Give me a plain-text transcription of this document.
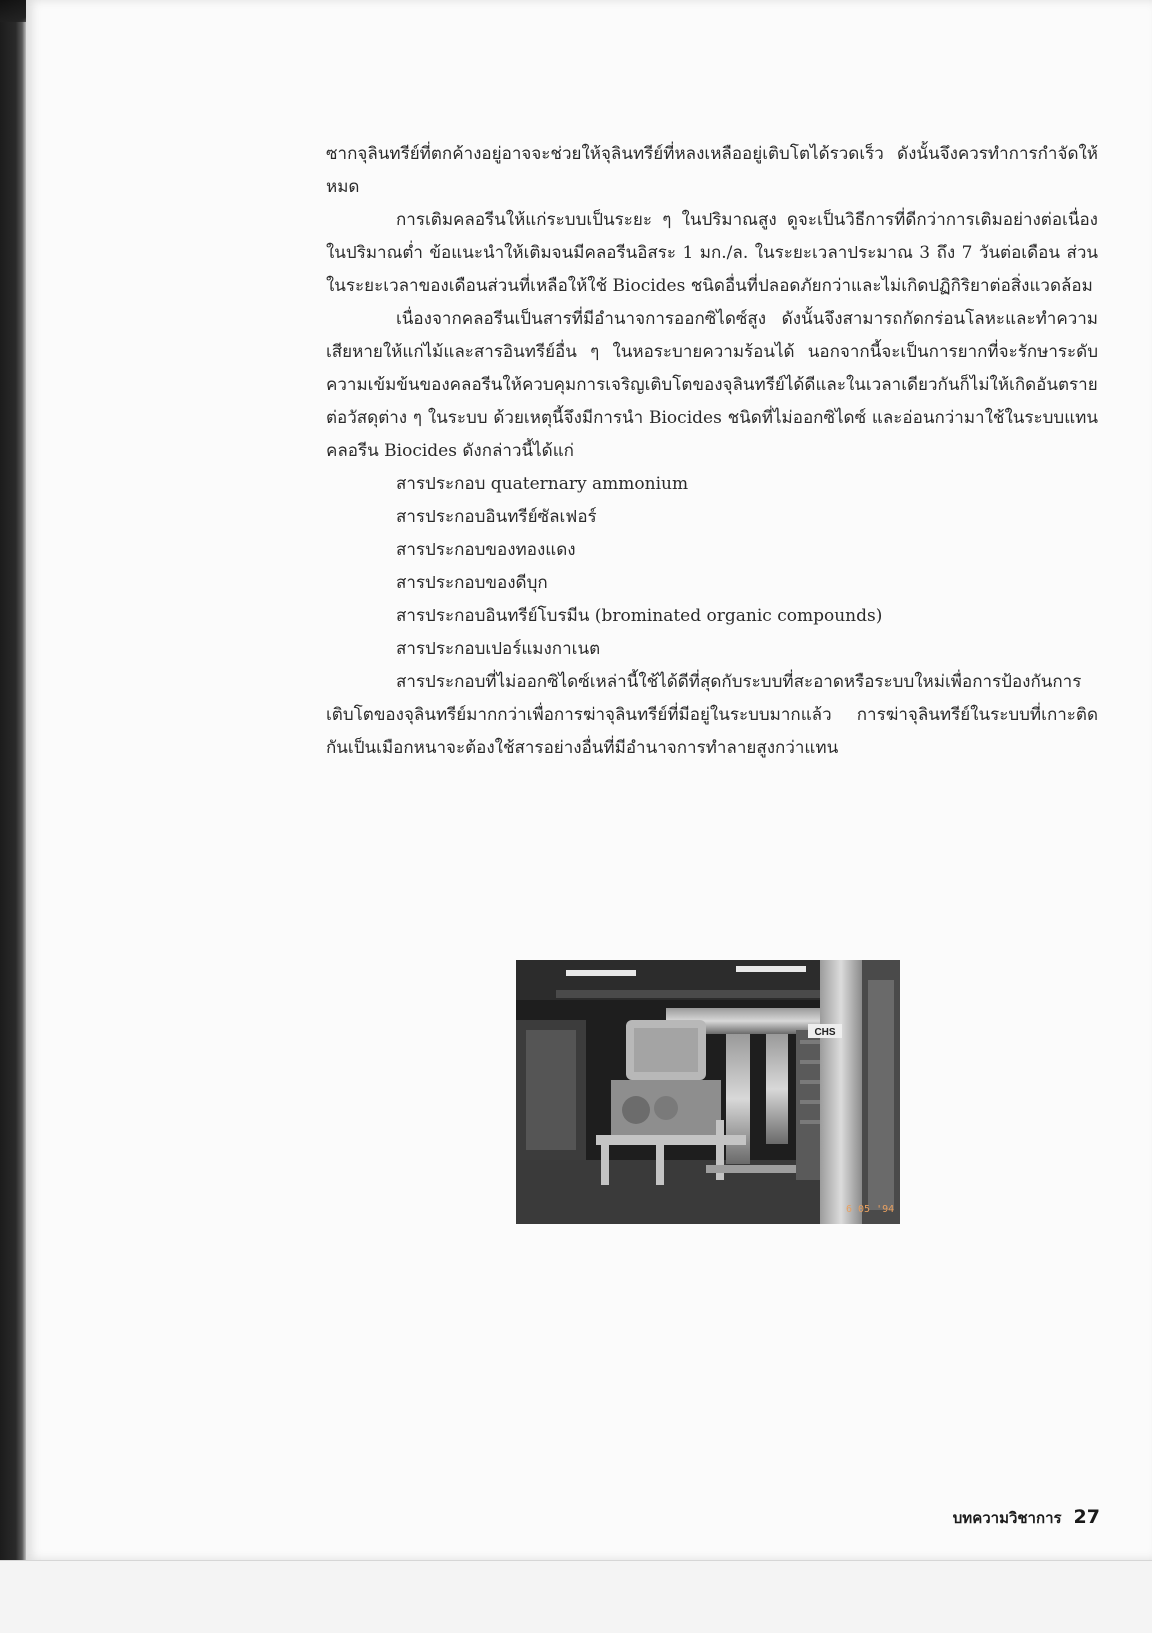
ซากจุลินทรีย์ที่ตกค้างอยู่อาจจะช่วยให้จุลินทรีย์ที่หลงเหลืออยู่เติบโตได้รวดเร็ว ดังนั้นจึงควรทำการกำจัดให้หมด

การเติมคลอรีนให้แก่ระบบเป็นระยะ ๆ ในปริมาณสูง ดูจะเป็นวิธีการที่ดีกว่าการเติมอย่างต่อเนื่องในปริมาณต่ำ ข้อแนะนำให้เติมจนมีคลอรีนอิสระ 1 มก./ล. ในระยะเวลาประมาณ 3 ถึง 7 วันต่อเดือน ส่วนในระยะเวลาของเดือนส่วนที่เหลือให้ใช้ Biocides ชนิดอื่นที่ปลอดภัยกว่าและไม่เกิดปฏิกิริยาต่อสิ่งแวดล้อม

เนื่องจากคลอรีนเป็นสารที่มีอำนาจการออกซิไดซ์สูง ดังนั้นจึงสามารถกัดกร่อนโลหะและทำความเสียหายให้แก่ไม้และสารอินทรีย์อื่น ๆ ในหอระบายความร้อนได้ นอกจากนี้จะเป็นการยากที่จะรักษาระดับความเข้มข้นของคลอรีนให้ควบคุมการเจริญเติบโตของจุลินทรีย์ได้ดีและในเวลาเดียวกันก็ไม่ให้เกิดอันตรายต่อวัสดุต่าง ๆ ในระบบ ด้วยเหตุนี้จึงมีการนำ Biocides ชนิดที่ไม่ออกซิไดซ์ และอ่อนกว่ามาใช้ในระบบแทนคลอรีน Biocides ดังกล่าวนี้ได้แก่

สารประกอบ quaternary ammonium
สารประกอบอินทรีย์ซัลเฟอร์
สารประกอบของทองแดง
สารประกอบของดีบุก
สารประกอบอินทรีย์โบรมีน (brominated organic compounds)
สารประกอบเปอร์แมงกาเนต

สารประกอบที่ไม่ออกซิไดซ์เหล่านี้ใช้ได้ดีที่สุดกับระบบที่สะอาดหรือระบบใหม่เพื่อการป้องกันการเติบโตของจุลินทรีย์มากกว่าเพื่อการฆ่าจุลินทรีย์ที่มีอยู่ในระบบมากแล้ว การฆ่าจุลินทรีย์ในระบบที่เกาะติดกันเป็นเมือกหนาจะต้องใช้สารอย่างอื่นที่มีอำนาจการทำลายสูงกว่าแทน

CHS
6 05 '94
บทความวิชาการ 27
